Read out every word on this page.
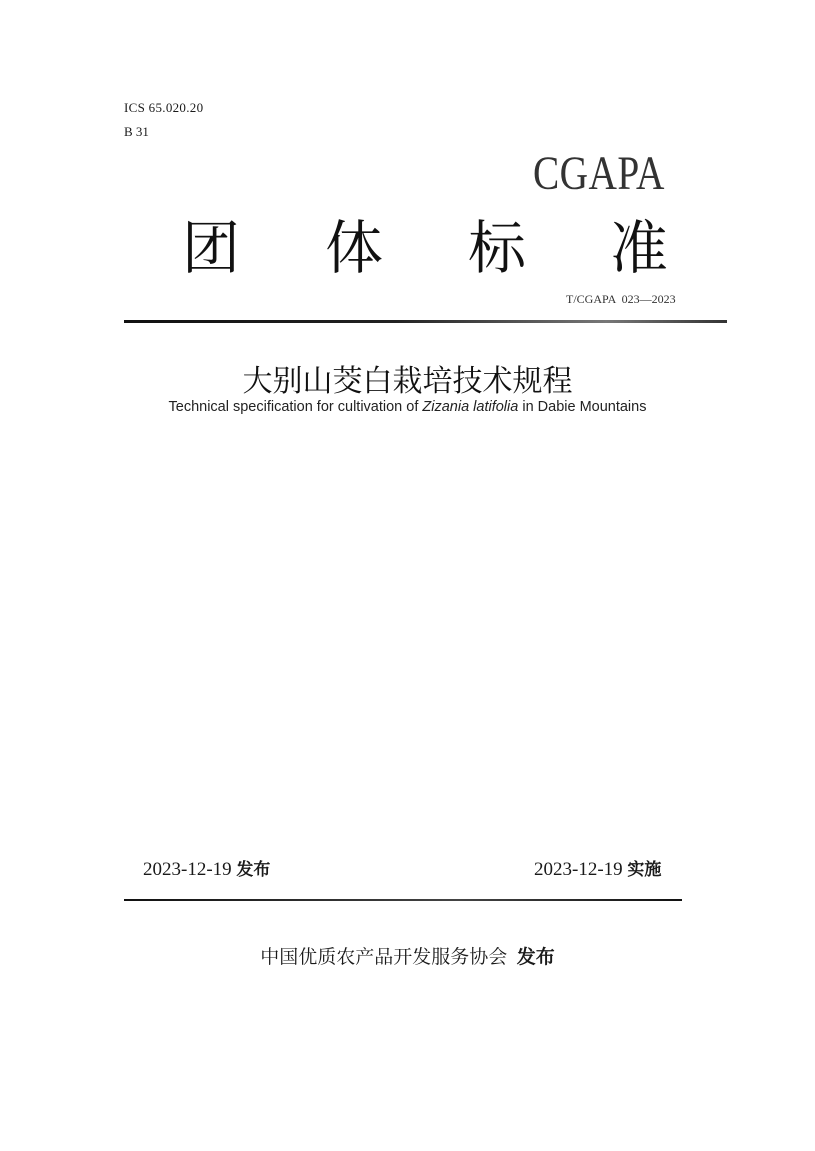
ICS 65.020.20
B 31
CGAPA
团 体 标 准
T/CGAPA  023—2023
大别山茭白栽培技术规程
Technical specification for cultivation of Zizania latifolia in Dabie Mountains
2023-12-19 发布	2023-12-19 实施
中国优质农产品开发服务协会 发布
